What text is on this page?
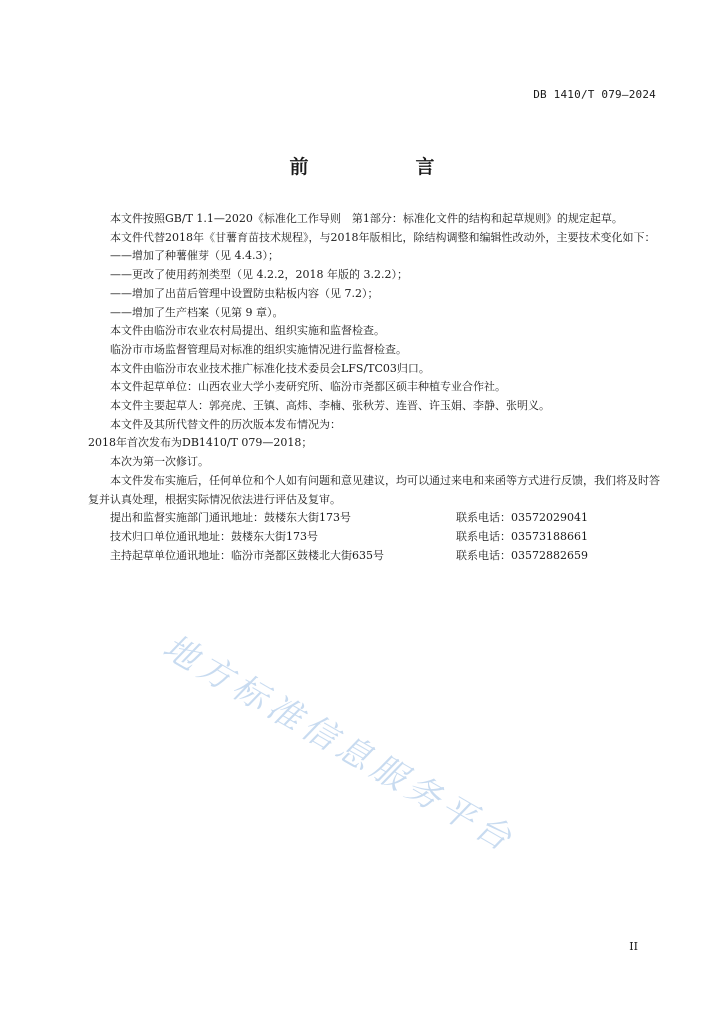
DB 1410/T 079—2024
前　言

本文件按照GB/T 1.1—2020《标准化工作导则　第1部分：标准化文件的结构和起草规则》的规定起草。

本文件代替2018年《甘薯育苗技术规程》，与2018年版相比，除结构调整和编辑性改动外，主要技术变化如下：

——增加了种薯催芽（见 4.4.3）；

——更改了使用药剂类型（见 4.2.2，2018 年版的 3.2.2）；

——增加了出苗后管理中设置防虫粘板内容（见 7.2）；

——增加了生产档案（见第 9 章）。

本文件由临汾市农业农村局提出、组织实施和监督检查。

临汾市市场监督管理局对标准的组织实施情况进行监督检查。

本文件由临汾市农业技术推广标准化技术委员会LFS/TC03归口。

本文件起草单位：山西农业大学小麦研究所、临汾市尧都区硕丰种植专业合作社。

本文件主要起草人：郭亮虎、王镇、高炜、李楠、张秋芳、连晋、许玉娟、李静、张明义。

本文件及其所代替文件的历次版本发布情况为：

2018年首次发布为DB1410/T 079—2018；

本次为第一次修订。

本文件发布实施后，任何单位和个人如有问题和意见建议，均可以通过来电和来函等方式进行反馈，我们将及时答复并认真处理，根据实际情况依法进行评估及复审。

提出和监督实施部门通讯地址：鼓楼东大街173号	联系电话：03572029041
技术归口单位通讯地址：鼓楼东大街173号	联系电话：03573188661
主持起草单位通讯地址：临汾市尧都区鼓楼北大街635号	联系电话：03572882659
地方标准信息服务平台
II
